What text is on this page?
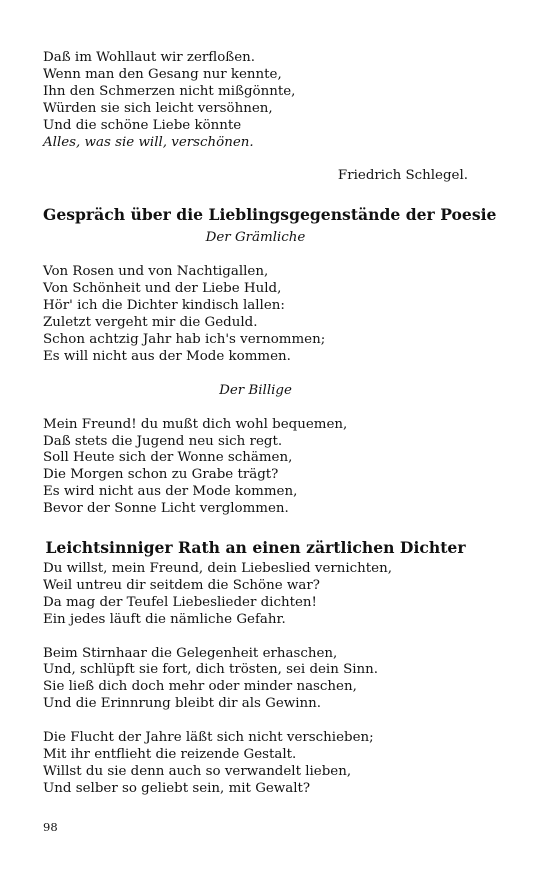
Daß im Wohllaut wir zerfloßen.
Wenn man den Gesang nur kennte,
Ihn den Schmerzen nicht mißgönnte,
Würden sie sich leicht versöhnen,
Und die schöne Liebe könnte
Alles, was sie will, verschönen.
Friedrich Schlegel.
Gespräch über die Lieblingsgegenstände der Poesie
Der Grämliche
Von Rosen und von Nachtigallen,
Von Schönheit und der Liebe Huld,
Hör' ich die Dichter kindisch lallen:
Zuletzt vergeht mir die Geduld.
Schon achtzig Jahr hab ich's vernommen;
Es will nicht aus der Mode kommen.
Der Billige
Mein Freund! du mußt dich wohl bequemen,
Daß stets die Jugend neu sich regt.
Soll Heute sich der Wonne schämen,
Die Morgen schon zu Grabe trägt?
Es wird nicht aus der Mode kommen,
Bevor der Sonne Licht verglommen.
Leichtsinniger Rath an einen zärtlichen Dichter
Du willst, mein Freund, dein Liebeslied vernichten,
Weil untreu dir seitdem die Schöne war?
Da mag der Teufel Liebeslieder dichten!
Ein jedes läuft die nämliche Gefahr.
Beim Stirnhaar die Gelegenheit erhaschen,
Und, schlüpft sie fort, dich trösten, sei dein Sinn.
Sie ließ dich doch mehr oder minder naschen,
Und die Erinnrung bleibt dir als Gewinn.
Die Flucht der Jahre läßt sich nicht verschieben;
Mit ihr entflieht die reizende Gestalt.
Willst du sie denn auch so verwandelt lieben,
Und selber so geliebt sein, mit Gewalt?
98
